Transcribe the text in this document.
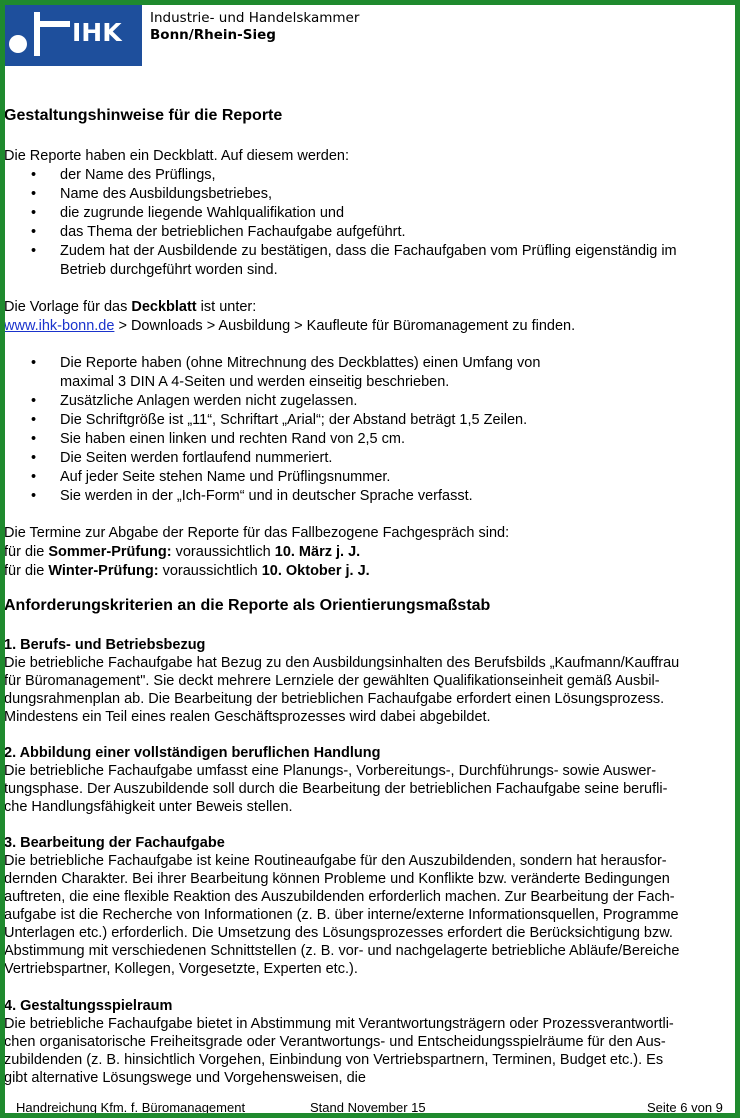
IHK Industrie- und Handelskammer
Bonn/Rhein-Sieg
Gestaltungshinweise für die Reporte
Die Reporte haben ein Deckblatt. Auf diesem werden:
• der Name des Prüflings,
• Name des Ausbildungsbetriebes,
• die zugrunde liegende Wahlqualifikation und
• das Thema der betrieblichen Fachaufgabe aufgeführt.
• Zudem hat der Ausbildende zu bestätigen, dass die Fachaufgaben vom Prüfling eigenständig im
Betrieb durchgeführt worden sind.
Die Vorlage für das Deckblatt ist unter:
www.ihk-bonn.de > Downloads > Ausbildung > Kaufleute für Büromanagement zu finden.
• Die Reporte haben (ohne Mitrechnung des Deckblattes) einen Umfang von
maximal 3 DIN A 4-Seiten und werden einseitig beschrieben.
• Zusätzliche Anlagen werden nicht zugelassen.
• Die Schriftgröße ist „11“, Schriftart „Arial“; der Abstand beträgt 1,5 Zeilen.
• Sie haben einen linken und rechten Rand von 2,5 cm.
• Die Seiten werden fortlaufend nummeriert.
• Auf jeder Seite stehen Name und Prüflingsnummer.
• Sie werden in der „Ich-Form“ und in deutscher Sprache verfasst.
Die Termine zur Abgabe der Reporte für das Fallbezogene Fachgespräch sind:
für die Sommer-Prüfung: voraussichtlich 10. März j. J.
für die Winter-Prüfung: voraussichtlich 10. Oktober j. J.
Anforderungskriterien an die Reporte als Orientierungsmaßstab
1. Berufs- und Betriebsbezug
Die betriebliche Fachaufgabe hat Bezug zu den Ausbildungsinhalten des Berufsbilds „Kaufmann/Kauffrau
für Büromanagement". Sie deckt mehrere Lernziele der gewählten Qualifikationseinheit gemäß Ausbil-
dungsrahmenplan ab. Die Bearbeitung der betrieblichen Fachaufgabe erfordert einen Lösungsprozess.
Mindestens ein Teil eines realen Geschäftsprozesses wird dabei abgebildet.
2. Abbildung einer vollständigen beruflichen Handlung
Die betriebliche Fachaufgabe umfasst eine Planungs-, Vorbereitungs-, Durchführungs- sowie Auswer-
tungsphase. Der Auszubildende soll durch die Bearbeitung der betrieblichen Fachaufgabe seine berufli-
che Handlungsfähigkeit unter Beweis stellen.
3. Bearbeitung der Fachaufgabe
Die betriebliche Fachaufgabe ist keine Routineaufgabe für den Auszubildenden, sondern hat herausfor-
dernden Charakter. Bei ihrer Bearbeitung können Probleme und Konflikte bzw. veränderte Bedingungen
auftreten, die eine flexible Reaktion des Auszubildenden erforderlich machen. Zur Bearbeitung der Fach-
aufgabe ist die Recherche von Informationen (z. B. über interne/externe Informationsquellen, Programme
Unterlagen etc.) erforderlich. Die Umsetzung des Lösungsprozesses erfordert die Berücksichtigung bzw.
Abstimmung mit verschiedenen Schnittstellen (z. B. vor- und nachgelagerte betriebliche Abläufe/Bereiche
Vertriebspartner, Kollegen, Vorgesetzte, Experten etc.).
4. Gestaltungsspielraum
Die betriebliche Fachaufgabe bietet in Abstimmung mit Verantwortungsträgern oder Prozessverantwortli-
chen organisatorische Freiheitsgrade oder Verantwortungs- und Entscheidungsspielräume für den Aus-
zubildenden (z. B. hinsichtlich Vorgehen, Einbindung von Vertriebspartnern, Terminen, Budget etc.). Es
gibt alternative Lösungswege und Vorgehensweisen, die
Handreichung Kfm. f. Büromanagement	Stand November 15	Seite 6 von 9
